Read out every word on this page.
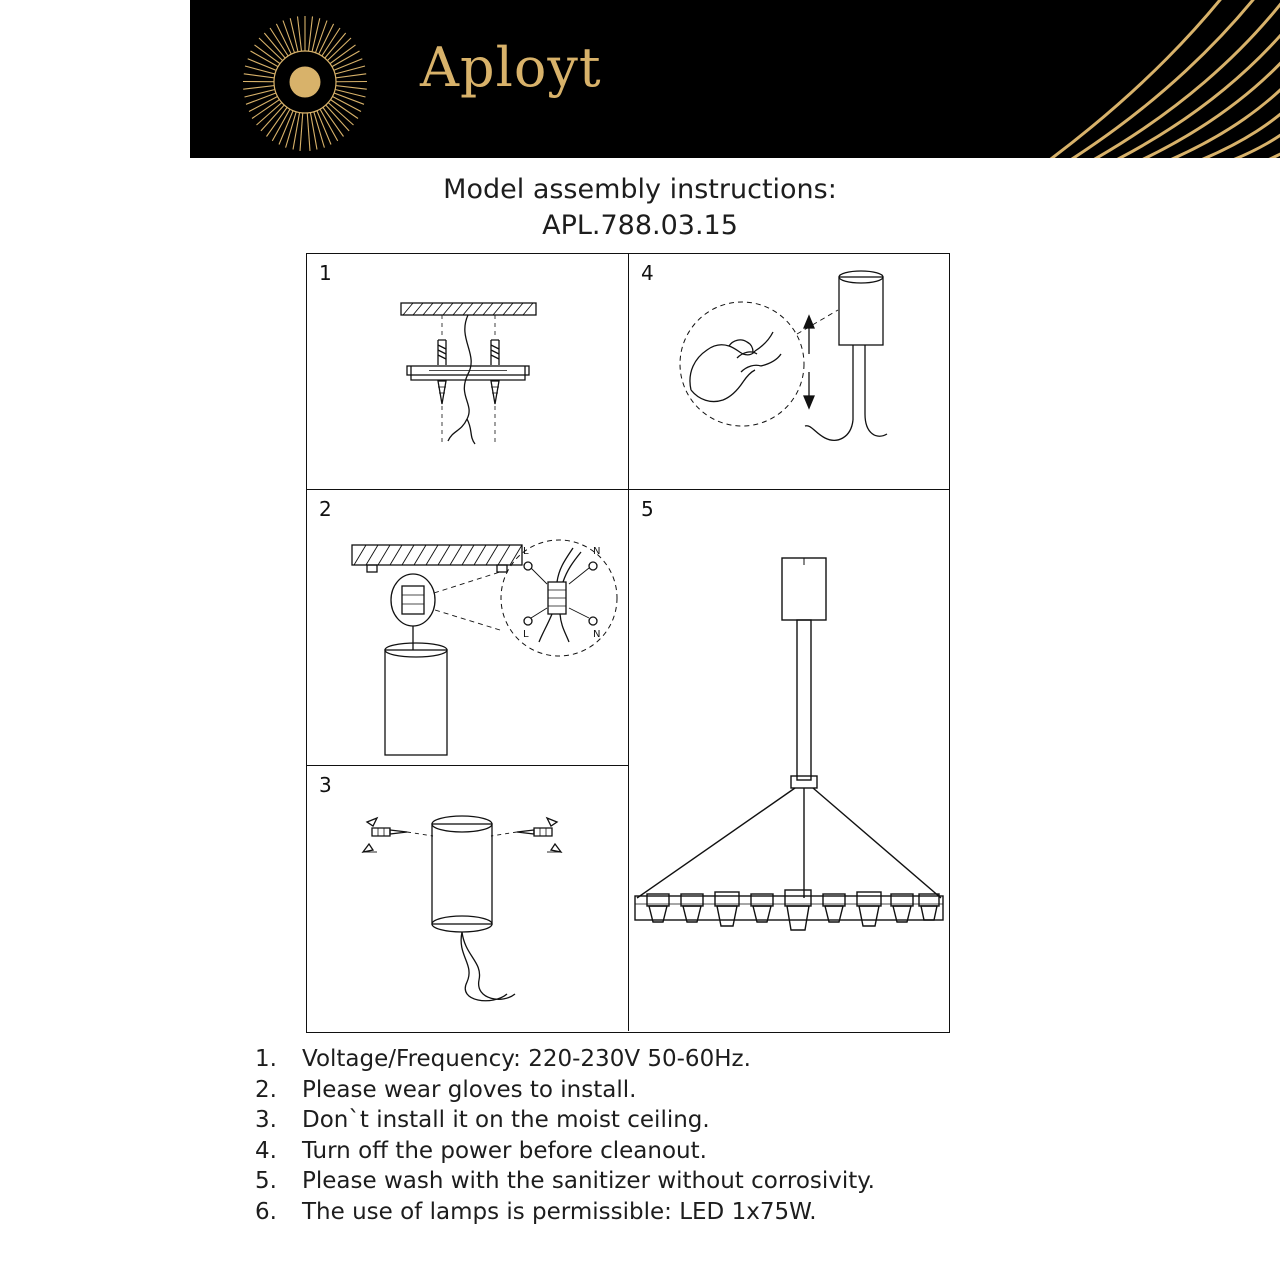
Aployt
Model assembly instructions:
APL.788.03.15
1
2
L	N
L	N
3
4
5
1.	Voltage/Frequency: 220-230V 50-60Hz.
2.	Please wear gloves to install.
3.	Don`t install it on the moist ceiling.
4.	Turn off the power before cleanout.
5.	Please wash with the sanitizer without corrosivity.
6.	The use of lamps is permissible: LED 1x75W.
